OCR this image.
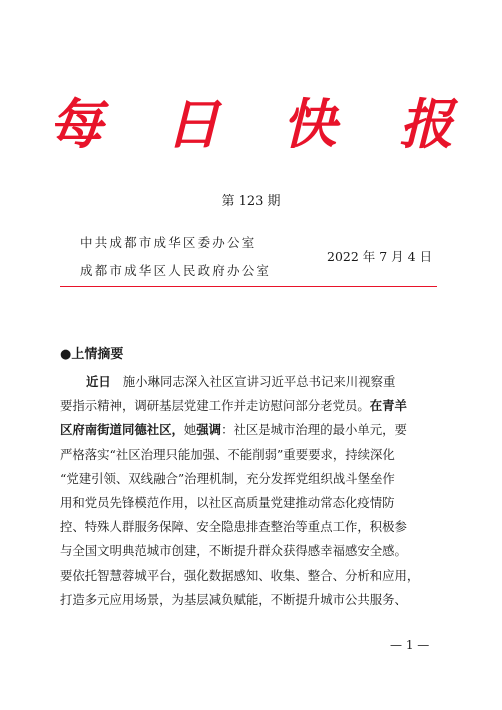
每 日 快 报
第 123 期
中共成都市成华区委办公室
成都市成华区人民政府办公室
2022 年 7 月 4 日
●上情摘要
近日 施小琳同志深入社区宣讲习近平总书记来川视察重
要指示精神，调研基层党建工作并走访慰问部分老党员。在青羊
区府南街道同德社区，她强调：社区是城市治理的最小单元，要
严格落实“社区治理只能加强、不能削弱”重要要求，持续深化
“党建引领、双线融合”治理机制，充分发挥党组织战斗堡垒作
用和党员先锋模范作用，以社区高质量党建推动常态化疫情防
控、特殊人群服务保障、安全隐患排查整治等重点工作，积极参
与全国文明典范城市创建，不断提升群众获得感幸福感安全感。
要依托智慧蓉城平台，强化数据感知、收集、整合、分析和应用，
打造多元应用场景，为基层减负赋能，不断提升城市公共服务、
— 1 —
